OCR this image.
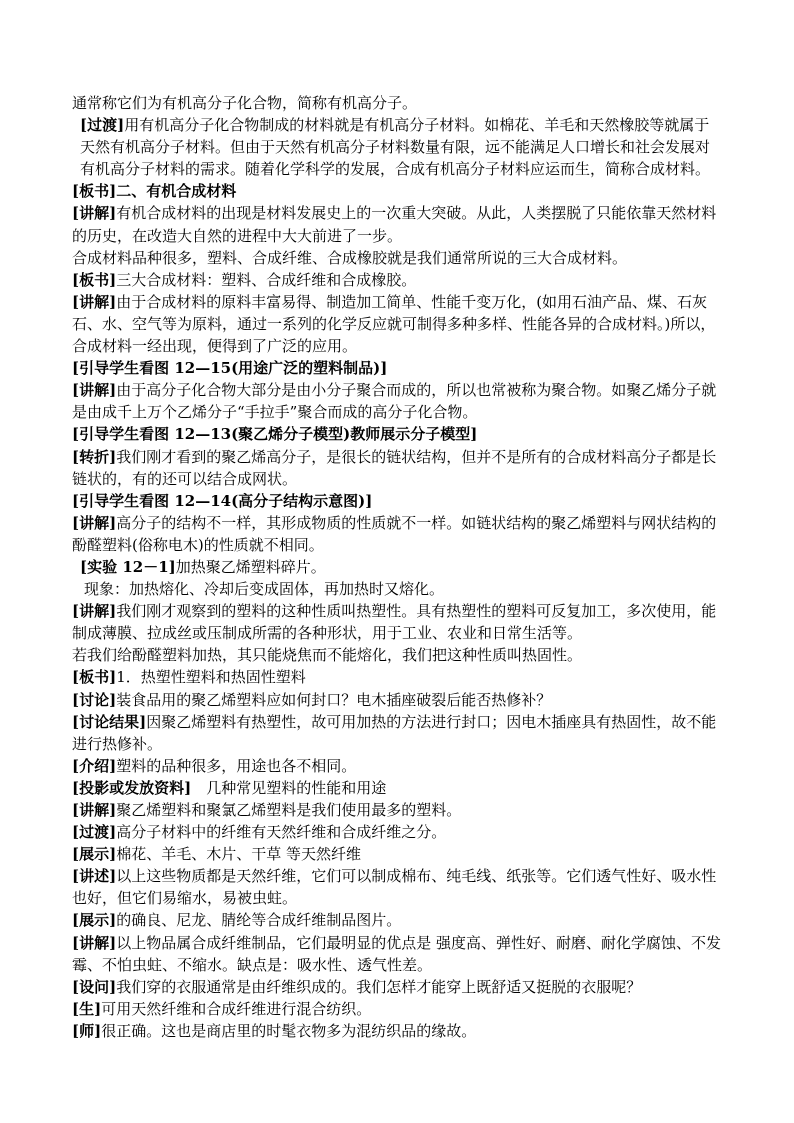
通常称它们为有机高分子化合物，简称有机高分子。

[过渡]用有机高分子化合物制成的材料就是有机高分子材料。如棉花、羊毛和天然橡胶等就属于天然有机高分子材料。但由于天然有机高分子材料数量有限，远不能满足人口增长和社会发展对有机高分子材料的需求。随着化学科学的发展，合成有机高分子材料应运而生，简称合成材料。

[板书]二、有机合成材料

[讲解]有机合成材料的出现是材料发展史上的一次重大突破。从此，人类摆脱了只能依靠天然材料的历史，在改造大自然的进程中大大前进了一步。

合成材料品种很多，塑料、合成纤维、合成橡胶就是我们通常所说的三大合成材料。

[板书]三大合成材料：塑料、合成纤维和合成橡胶。

[讲解]由于合成材料的原料丰富易得、制造加工简单、性能千变万化，(如用石油产品、煤、石灰石、水、空气等为原料，通过一系列的化学反应就可制得多种多样、性能各异的合成材料。)所以，合成材料一经出现，便得到了广泛的应用。

[引导学生看图 12—15(用途广泛的塑料制品)]

[讲解]由于高分子化合物大部分是由小分子聚合而成的，所以也常被称为聚合物。如聚乙烯分子就是由成千上万个乙烯分子“手拉手”聚合而成的高分子化合物。

[引导学生看图 12—13(聚乙烯分子模型)教师展示分子模型]

[转折]我们刚才看到的聚乙烯高分子，是很长的链状结构，但并不是所有的合成材料高分子都是长链状的，有的还可以结合成网状。

[引导学生看图 12—14(高分子结构示意图)]

[讲解]高分子的结构不一样，其形成物质的性质就不一样。如链状结构的聚乙烯塑料与网状结构的酚醛塑料(俗称电木)的性质就不相同。

[实验 12－1]加热聚乙烯塑料碎片。

现象：加热熔化、冷却后变成固体，再加热时又熔化。

[讲解]我们刚才观察到的塑料的这种性质叫热塑性。具有热塑性的塑料可反复加工，多次使用，能制成薄膜、拉成丝或压制成所需的各种形状，用于工业、农业和日常生活等。

若我们给酚醛塑料加热，其只能烧焦而不能熔化，我们把这种性质叫热固性。

[板书]1．热塑性塑料和热固性塑料

[讨论]装食品用的聚乙烯塑料应如何封口？电木插座破裂后能否热修补？

[讨论结果]因聚乙烯塑料有热塑性，故可用加热的方法进行封口；因电木插座具有热固性，故不能进行热修补。

[介绍]塑料的品种很多，用途也各不相同。

[投影或发放资料]　几种常见塑料的性能和用途

[讲解]聚乙烯塑料和聚氯乙烯塑料是我们使用最多的塑料。

[过渡]高分子材料中的纤维有天然纤维和合成纤维之分。

[展示]棉花、羊毛、木片、干草 等天然纤维

[讲述]以上这些物质都是天然纤维，它们可以制成棉布、纯毛线、纸张等。它们透气性好、吸水性也好，但它们易缩水，易被虫蛀。

[展示]的确良、尼龙、腈纶等合成纤维制品图片。

[讲解]以上物品属合成纤维制品，它们最明显的优点是 强度高、弹性好、耐磨、耐化学腐蚀、不发霉、不怕虫蛀、不缩水。缺点是：吸水性、透气性差。

[设问]我们穿的衣服通常是由纤维织成的。我们怎样才能穿上既舒适又挺脱的衣服呢？

[生]可用天然纤维和合成纤维进行混合纺织。

[师]很正确。这也是商店里的时髦衣物多为混纺织品的缘故。
